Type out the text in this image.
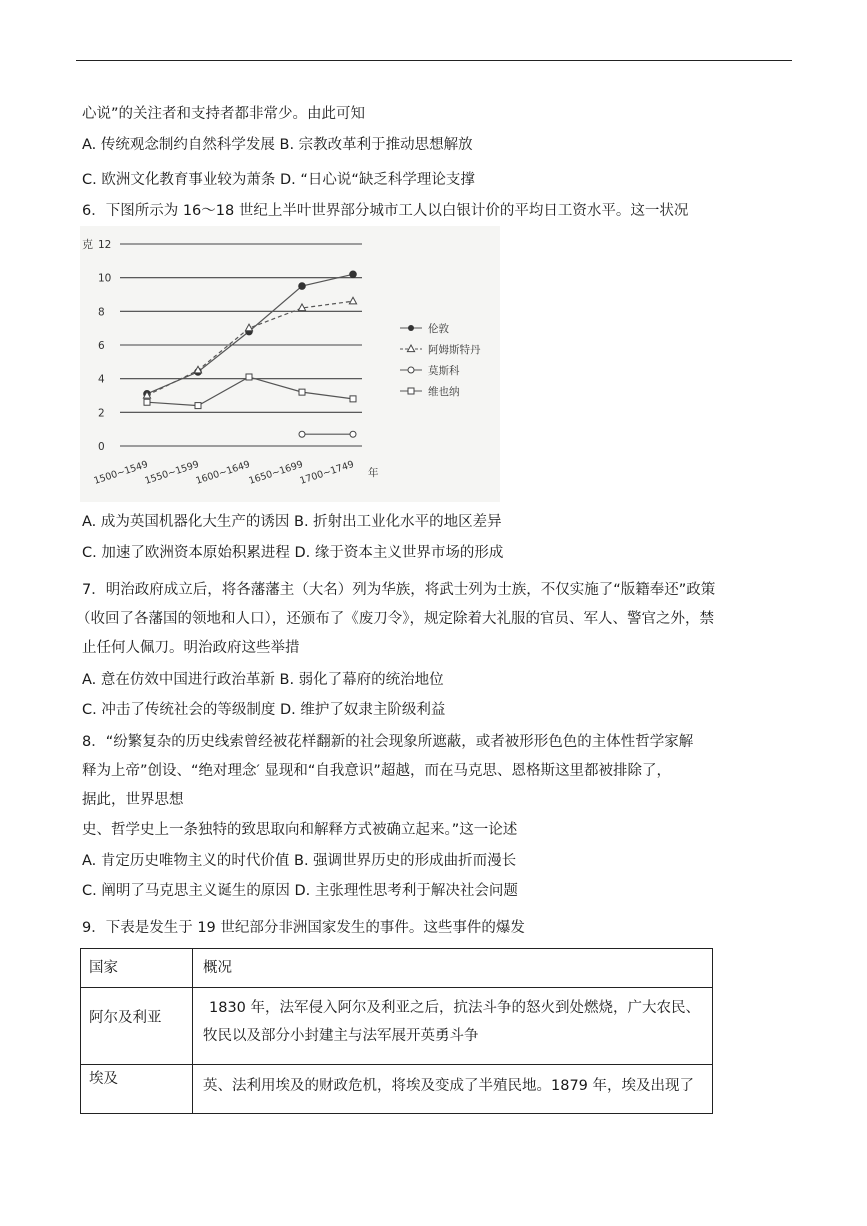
心说”的关注者和支持者都非常少。由此可知
A. 传统观念制约自然科学发展 B. 宗教改革利于推动思想解放
C. 欧洲文化教育事业较为萧条 D. “日心说“缺乏科学理论支撑
6．下图所示为 16～18 世纪上半叶世界部分城市工人以白银计价的平均日工资水平。这一状况
0
2
4
6
8
10
12
克
1500~1549
1550~1599
1600~1649
1650~1699
1700~1749 年
伦敦
阿姆斯特丹
莫斯科
维也纳
A. 成为英国机器化大生产的诱因 B. 折射出工业化水平的地区差异
C. 加速了欧洲资本原始积累进程 D. 缘于资本主义世界市场的形成
7．明治政府成立后，将各藩藩主（大名）列为华族，将武士列为士族，不仅实施了“版籍奉还”政策
（收回了各藩国的领地和人口），还颁布了《废刀令》，规定除着大礼服的官员、军人、警官之外，禁
止任何人佩刀。明治政府这些举措
A. 意在仿效中国进行政治革新 B. 弱化了幕府的统治地位
C. 冲击了传统社会的等级制度 D. 维护了奴隶主阶级利益
8．“纷繁复杂的历史线索曾经被花样翻新的社会现象所遮蔽，或者被形形色色的主体性哲学家解
释为上帝”创设、“绝对理念′ 显现和“自我意识”超越，而在马克思、恩格斯这里都被排除了，
据此，世界思想
史、哲学史上一条独特的致思取向和解释方式被确立起来。”这一论述
A. 肯定历史唯物主义的时代价值 B. 强调世界历史的形成曲折而漫长
C. 阐明了马克思主义诞生的原因 D. 主张理性思考利于解决社会问题
9．下表是发生于 19 世纪部分非洲国家发生的事件。这些事件的爆发
国家	概况
阿尔及利亚	1830 年，法军侵入阿尔及利亚之后，抗法斗争的怒火到处燃烧，广大农民、
牧民以及部分小封建主与法军展开英勇斗争

埃及	英、法利用埃及的财政危机，将埃及变成了半殖民地。1879 年，埃及出现了
